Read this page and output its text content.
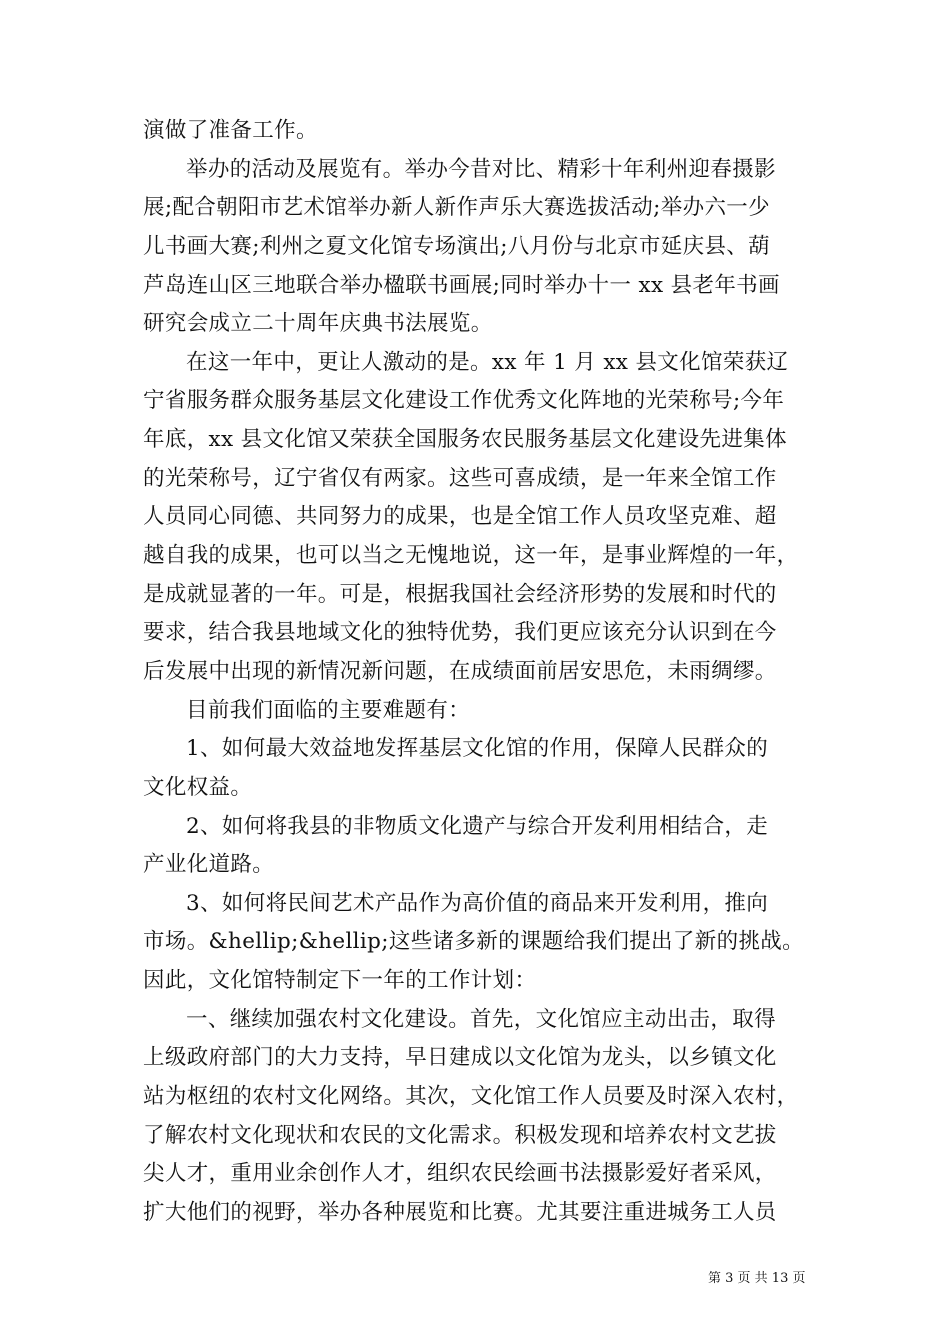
演做了准备工作。
举办的活动及展览有。举办今昔对比、精彩十年利州迎春摄影
展;配合朝阳市艺术馆举办新人新作声乐大赛选拔活动;举办六一少
儿书画大赛;利州之夏文化馆专场演出;八月份与北京市延庆县、葫
芦岛连山区三地联合举办楹联书画展;同时举办十一 xx 县老年书画
研究会成立二十周年庆典书法展览。
在这一年中，更让人激动的是。xx 年 1 月 xx 县文化馆荣获辽
宁省服务群众服务基层文化建设工作优秀文化阵地的光荣称号;今年
年底，xx 县文化馆又荣获全国服务农民服务基层文化建设先进集体
的光荣称号，辽宁省仅有两家。这些可喜成绩，是一年来全馆工作
人员同心同德、共同努力的成果，也是全馆工作人员攻坚克难、超
越自我的成果，也可以当之无愧地说，这一年，是事业辉煌的一年，
是成就显著的一年。可是，根据我国社会经济形势的发展和时代的
要求，结合我县地域文化的独特优势，我们更应该充分认识到在今
后发展中出现的新情况新问题，在成绩面前居安思危，未雨绸缪。
目前我们面临的主要难题有：
1、如何最大效益地发挥基层文化馆的作用，保障人民群众的
文化权益。
2、如何将我县的非物质文化遗产与综合开发利用相结合，走
产业化道路。
3、如何将民间艺术产品作为高价值的商品来开发利用，推向
市场。&hellip;&hellip;这些诸多新的课题给我们提出了新的挑战。
因此，文化馆特制定下一年的工作计划：
一、继续加强农村文化建设。首先，文化馆应主动出击，取得
上级政府部门的大力支持，早日建成以文化馆为龙头，以乡镇文化
站为枢纽的农村文化网络。其次，文化馆工作人员要及时深入农村，
了解农村文化现状和农民的文化需求。积极发现和培养农村文艺拔
尖人才，重用业余创作人才，组织农民绘画书法摄影爱好者采风，
扩大他们的视野，举办各种展览和比赛。尤其要注重进城务工人员
第 3 页 共 13 页
